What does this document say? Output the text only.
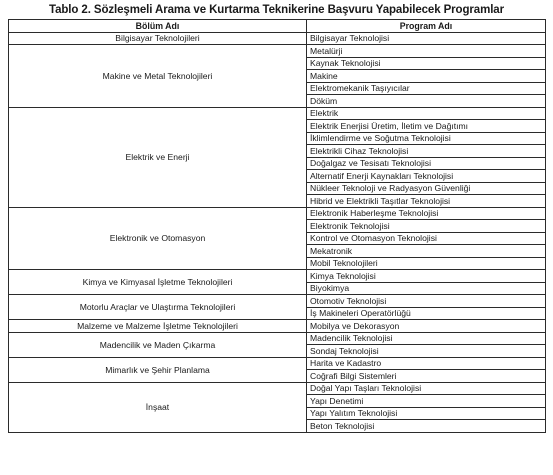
Tablo 2. Sözleşmeli Arama ve Kurtarma Teknikerine Başvuru Yapabilecek Programlar
Bölüm Adı	Program Adı
Bilgisayar Teknolojileri	Bilgisayar Teknolojisi
Makine ve Metal Teknolojileri	Metalürji
	Kaynak Teknolojisi
	Makine
	Elektromekanik Taşıyıcılar
	Döküm
Elektrik ve Enerji	Elektrik
	Elektrik Enerjisi Üretim, İletim ve Dağıtımı
	İklimlendirme ve Soğutma Teknolojisi
	Elektrikli Cihaz Teknolojisi
	Doğalgaz ve Tesisatı Teknolojisi
	Alternatif Enerji Kaynakları Teknolojisi
	Nükleer Teknoloji ve Radyasyon Güvenliği
	Hibrid ve Elektrikli Taşıtlar Teknolojisi
Elektronik ve Otomasyon	Elektronik Haberleşme Teknolojisi
	Elektronik Teknolojisi
	Kontrol ve Otomasyon Teknolojisi
	Mekatronik
	Mobil Teknolojileri
Kimya ve Kimyasal İşletme Teknolojileri	Kimya Teknolojisi
	Biyokimya
Motorlu Araçlar ve Ulaştırma Teknolojileri	Otomotiv Teknolojisi
	İş Makineleri Operatörlüğü
Malzeme ve Malzeme İşletme Teknolojileri	Mobilya ve Dekorasyon
Madencilik ve Maden Çıkarma	Madencilik Teknolojisi
	Sondaj Teknolojisi
Mimarlık ve Şehir Planlama	Harita ve Kadastro
	Coğrafi Bilgi Sistemleri
İnşaat	Doğal Yapı Taşları Teknolojisi
	Yapı Denetimi
	Yapı Yalıtım Teknolojisi
	Beton Teknolojisi
